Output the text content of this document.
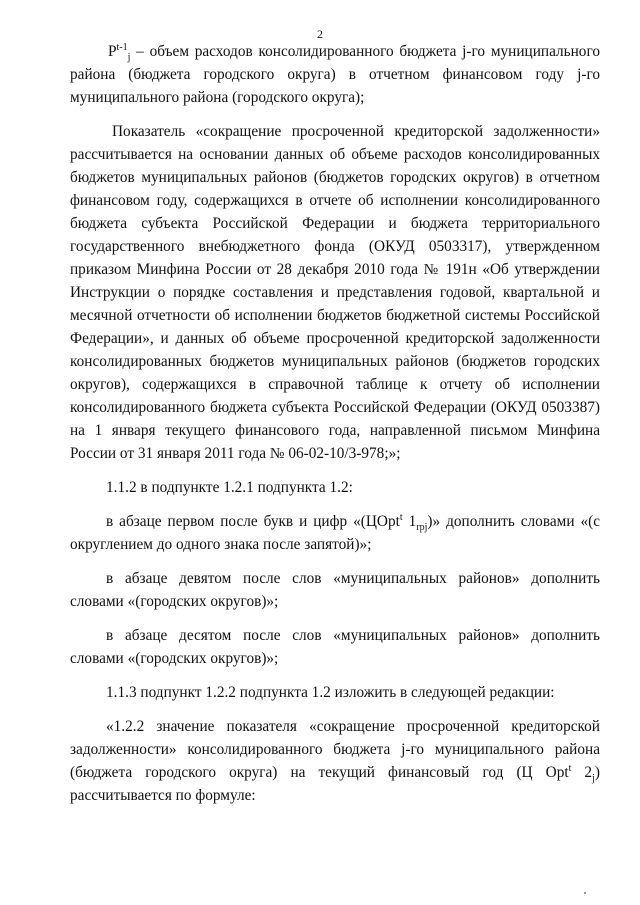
2

$P^{t-1}_j$ – объем расходов консолидированного бюджета j-го муниципального района (бюджета городского округа) в отчетном финансовом году j-го муниципального района (городского округа);

Показатель «сокращение просроченной кредиторской задолженности» рассчитывается на основании данных об объеме расходов консолидированных бюджетов муниципальных районов (бюджетов городских округов) в отчетном финансовом году, содержащихся в отчете об исполнении консолидированного бюджета субъекта Российской Федерации и бюджета территориального государственного внебюджетного фонда (ОКУД 0503317), утвержденном приказом Минфина России от 28 декабря 2010 года № 191н «Об утверждении Инструкции о порядке составления и представления годовой, квартальной и месячной отчетности об исполнении бюджетов бюджетной системы Российской Федерации», и данных об объеме просроченной кредиторской задолженности консолидированных бюджетов муниципальных районов (бюджетов городских округов), содержащихся в справочной таблице к отчету об исполнении консолидированного бюджета субъекта Российской Федерации (ОКУД 0503387) на 1 января текущего финансового года, направленной письмом Минфина России от 31 января 2011 года № 06-02-10/3-978;»;

1.1.2 в подпункте 1.2.1 подпункта 1.2:

в абзаце первом после букв и цифр «(ЦOpt$^t$ $1_{rpj}$)» дополнить словами «(с округлением до одного знака после запятой)»;

в абзаце девятом после слов «муниципальных районов» дополнить словами «(городских округов)»;

в абзаце десятом после слов «муниципальных районов» дополнить словами «(городских округов)»;

1.1.3 подпункт 1.2.2 подпункта 1.2 изложить в следующей редакции:

«1.2.2 значение показателя «сокращение просроченной кредиторской задолженности» консолидированного бюджета j-го муниципального района (бюджета городского округа) на текущий финансовый год (Ц Opt$^t$ $2_j$) рассчитывается по формуле:
